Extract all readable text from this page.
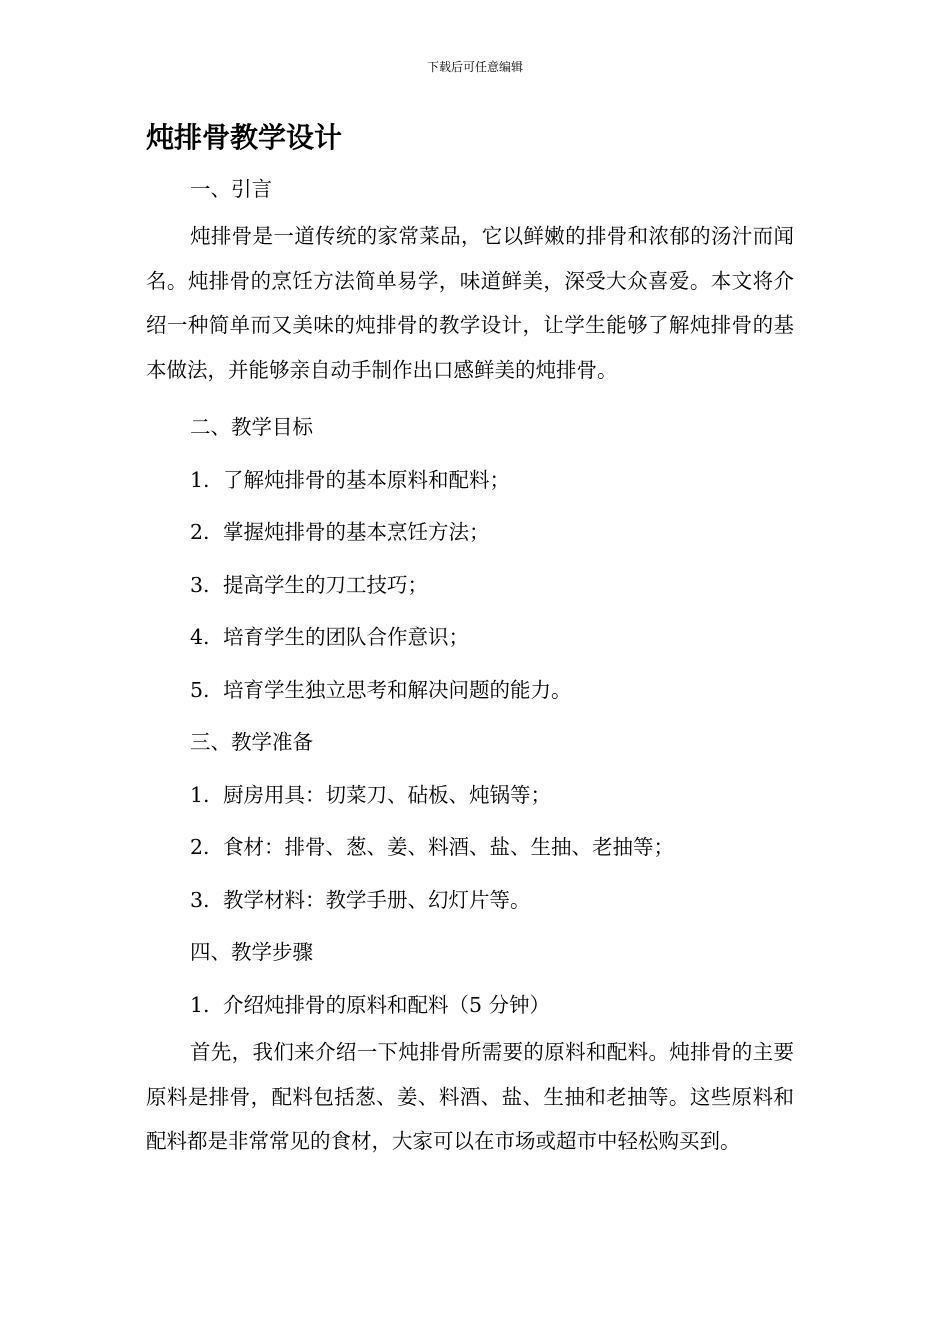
下载后可任意编辑
炖排骨教学设计
一、引言
炖排骨是一道传统的家常菜品，它以鲜嫩的排骨和浓郁的汤汁而闻名。炖排骨的烹饪方法简单易学，味道鲜美，深受大众喜爱。本文将介绍一种简单而又美味的炖排骨的教学设计，让学生能够了解炖排骨的基本做法，并能够亲自动手制作出口感鲜美的炖排骨。
二、教学目标
1. 了解炖排骨的基本原料和配料；
2. 掌握炖排骨的基本烹饪方法；
3. 提高学生的刀工技巧；
4. 培育学生的团队合作意识；
5. 培育学生独立思考和解决问题的能力。
三、教学准备
1. 厨房用具：切菜刀、砧板、炖锅等；
2. 食材：排骨、葱、姜、料酒、盐、生抽、老抽等；
3. 教学材料：教学手册、幻灯片等。
四、教学步骤
1. 介绍炖排骨的原料和配料（5 分钟）
首先，我们来介绍一下炖排骨所需要的原料和配料。炖排骨的主要原料是排骨，配料包括葱、姜、料酒、盐、生抽和老抽等。这些原料和配料都是非常常见的食材，大家可以在市场或超市中轻松购买到。
